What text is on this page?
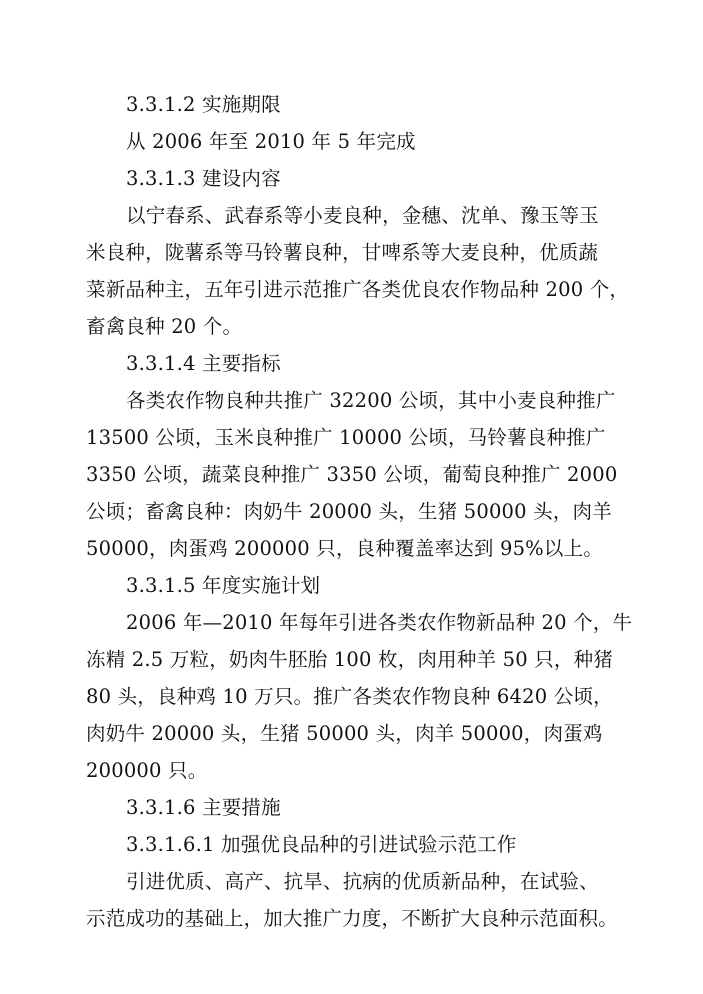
3.3.1.2 实施期限
从 2006 年至 2010 年 5 年完成
3.3.1.3 建设内容
以宁春系、武春系等小麦良种，金穗、沈单、豫玉等玉
米良种，陇薯系等马铃薯良种，甘啤系等大麦良种，优质蔬
菜新品种主，五年引进示范推广各类优良农作物品种 200 个，
畜禽良种 20 个。
3.3.1.4 主要指标
各类农作物良种共推广 32200 公顷，其中小麦良种推广
13500 公顷，玉米良种推广 10000 公顷，马铃薯良种推广
3350 公顷，蔬菜良种推广 3350 公顷，葡萄良种推广 2000
公顷；畜禽良种：肉奶牛 20000 头，生猪 50000 头，肉羊
50000，肉蛋鸡 200000 只，良种覆盖率达到 95%以上。
3.3.1.5 年度实施计划
2006 年—2010 年每年引进各类农作物新品种 20 个，牛
冻精 2.5 万粒，奶肉牛胚胎 100 枚，肉用种羊 50 只，种猪
80 头，良种鸡 10 万只。推广各类农作物良种 6420 公顷，
肉奶牛 20000 头，生猪 50000 头，肉羊 50000，肉蛋鸡
200000 只。
3.3.1.6 主要措施
3.3.1.6.1 加强优良品种的引进试验示范工作
引进优质、高产、抗旱、抗病的优质新品种，在试验、
示范成功的基础上，加大推广力度，不断扩大良种示范面积。
